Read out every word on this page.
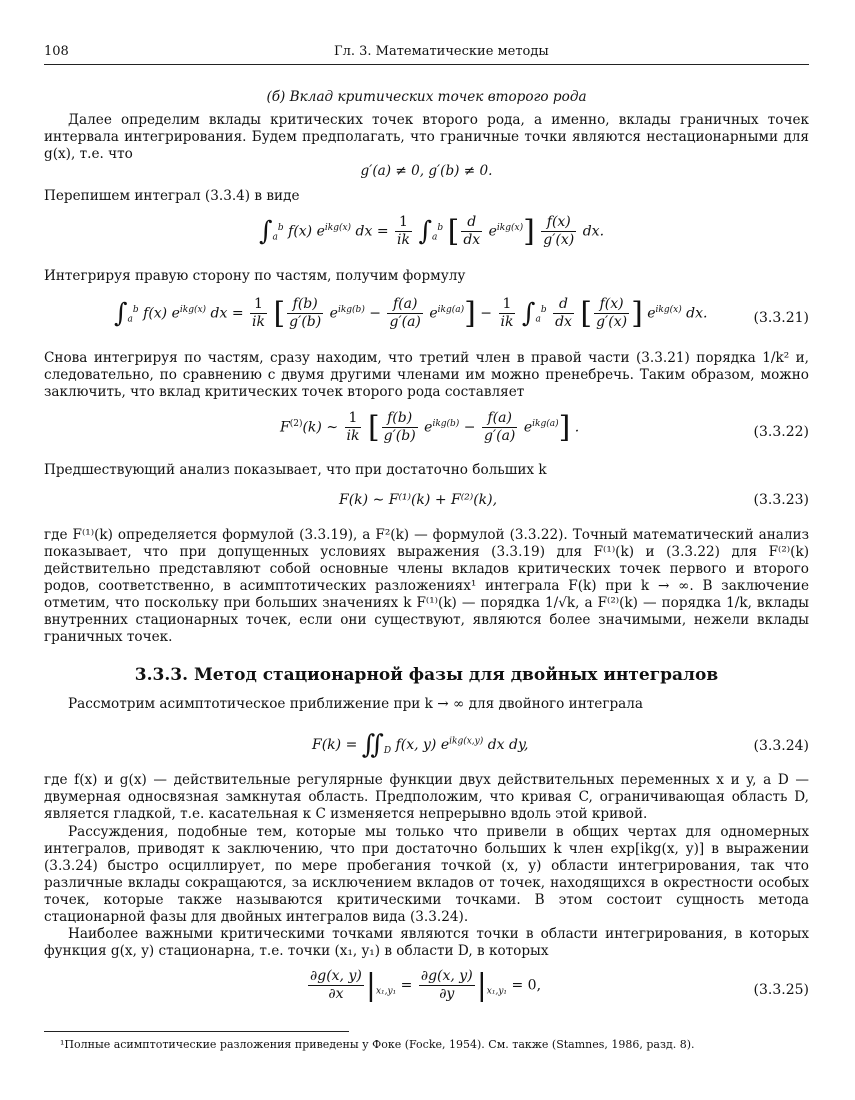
108	Гл. 3. Математические методы
(б) Вклад критических точек второго рода
Далее определим вклады критических точек второго рода, а именно, вклады граничных точек интервала интегрирования. Будем предполагать, что граничные точки являются нестационарными для g(x), т.е. что
g′(a) ≠ 0, g′(b) ≠ 0.
Перепишем интеграл (3.3.4) в виде
$\int_a^b$ f(x) $e^{ikg(x)}$ dx = $\frac{1}{ik} \int_a^b$ [ $\frac{d}{dx} e^{ikg(x)}] \frac{f(x)}{g'(x)}$ dx.
Интегрируя правую сторону по частям, получим формулу
$\int_a^b$ f(x) $e^{ikg(x)}$ dx = $\frac{1}{ik}$ [ $\frac{f(b)}{g'(b)} e^{ikg(b)} - \frac{f(a)}{g'(a)} e^{ikg(a)}] - \frac{1}{ik} \int_a^b \frac{d}{dx}$ [ $\frac{f(x)}{g'(x)}$ ] $e^{ikg(x)}$ dx.	(3.3.21)
Снова интегрируя по частям, сразу находим, что третий член в правой части (3.3.21) порядка 1/k² и, следовательно, по сравнению с двумя другими членами им можно пренебречь. Таким образом, можно заключить, что вклад критических точек второго рода составляет
$F^{(2)}(k)$ ∼ $\frac{1}{ik}$ [ $\frac{f(b)}{g'(b)} e^{ikg(b)} - \frac{f(a)}{g'(a)} e^{ikg(a)}$] .	(3.3.22)
Предшествующий анализ показывает, что при достаточно больших k
F(k) ∼ F⁽¹⁾(k) + F⁽²⁾(k),	(3.3.23)
где F⁽¹⁾(k) определяется формулой (3.3.19), а F²(k) — формулой (3.3.22). Точный математический анализ показывает, что при допущенных условиях выражения (3.3.19) для F⁽¹⁾(k) и (3.3.22) для F⁽²⁾(k) действительно представляют собой основные члены вкладов критических точек первого и второго родов, соответственно, в асимптотических разложениях¹ интеграла F(k) при k → ∞. В заключение отметим, что поскольку при больших значениях k F⁽¹⁾(k) — порядка 1/√k, а F⁽²⁾(k) — порядка 1/k, вклады внутренних стационарных точек, если они существуют, являются более значимыми, нежели вклады граничных точек.
3.3.3. Метод стационарной фазы для двойных интегралов
Рассмотрим асимптотическое приближение при k → ∞ для двойного интеграла
$F(k) = ∬_D$ f(x, y) $e^{ikg(x,y)}$ dx dy,	(3.3.24)
где f(x) и g(x) — действительные регулярные функции двух действительных переменных x и y, а D — двумерная односвязная замкнутая область. Предположим, что кривая C, ограничивающая область D, является гладкой, т.е. касательная к C изменяется непрерывно вдоль этой кривой.
Рассуждения, подобные тем, которые мы только что привели в общих чертах для одномерных интегралов, приводят к заключению, что при достаточно больших k член exp[ikg(x, y)] в выражении (3.3.24) быстро осциллирует, по мере пробегания точкой (x, y) области интегрирования, так что различные вклады сокращаются, за исключением вкладов от точек, находящихся в окрестности особых точек, которые также называются критическими точками. В этом состоит сущность метода стационарной фазы для двойных интегралов вида (3.3.24).
Наиболее важными критическими точками являются точки в области интегрирования, в которых функция g(x, y) стационарна, т.е. точки (x₁, y₁) в области D, в которых
$\frac{\partial g(x, y)}{\partial x} |_{x_1,y_1} = \frac{\partial g(x, y)}{\partial y} |_{x_1,y_1} = 0$,	(3.3.25)
¹Полные асимптотические разложения приведены у Фоке (Focke, 1954). См. также (Stamnes, 1986, разд. 8).
